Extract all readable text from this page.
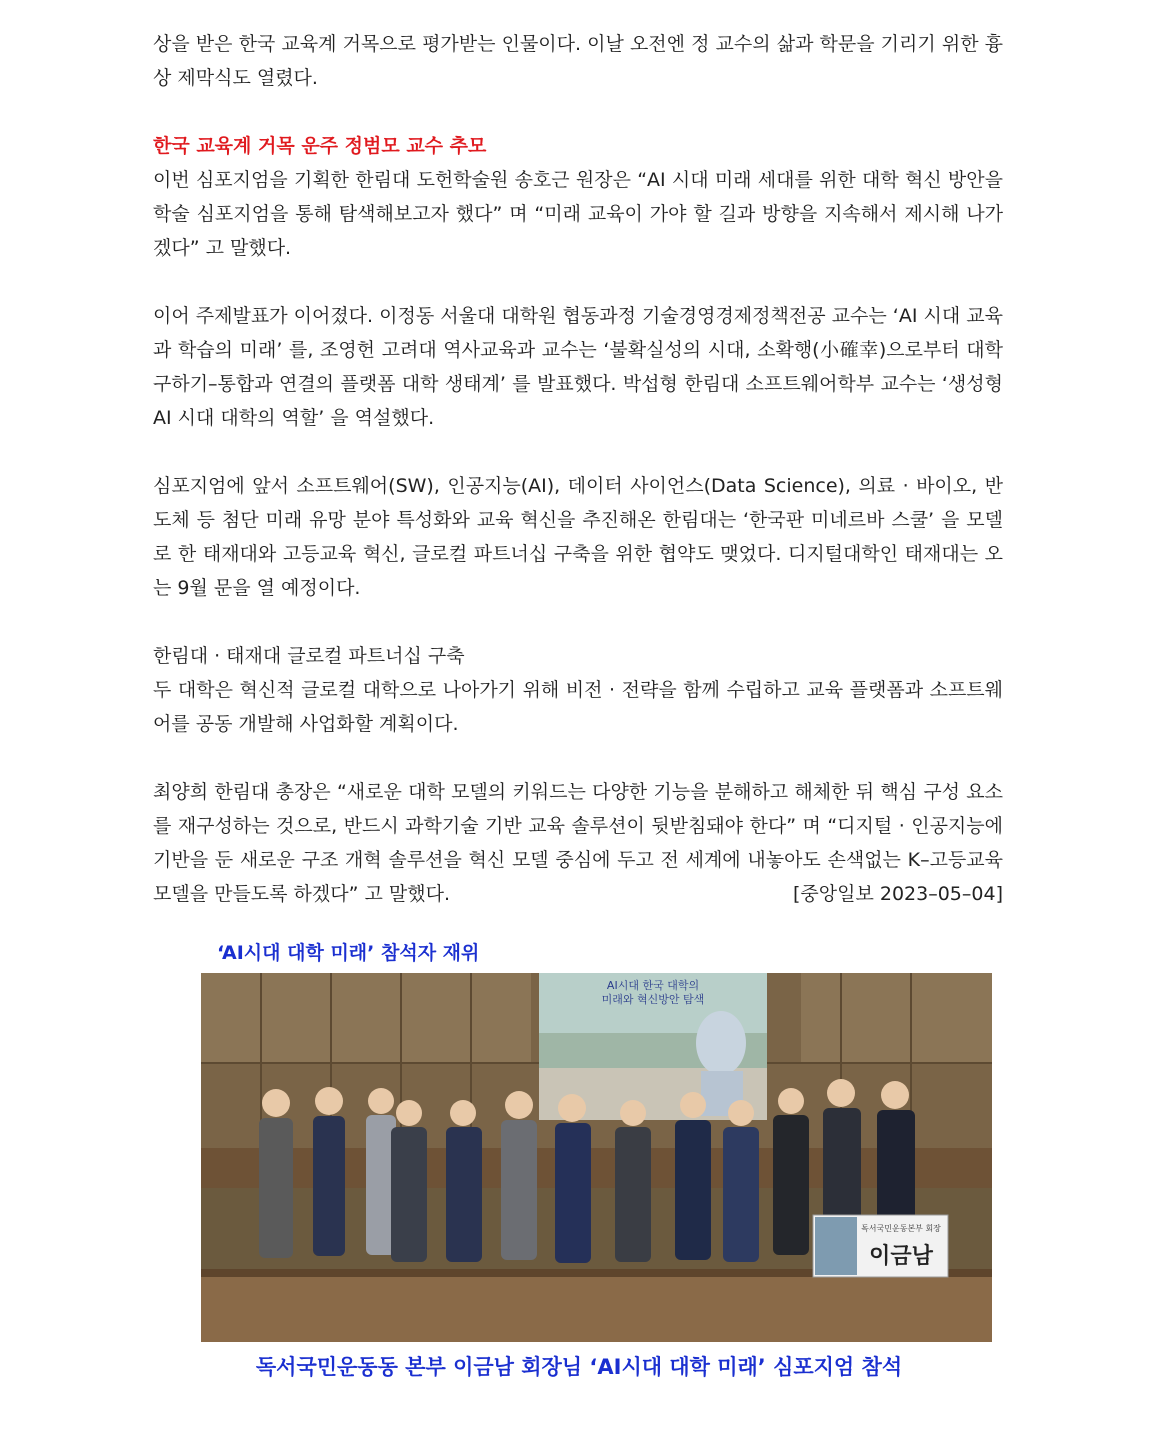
상을 받은 한국 교육계 거목으로 평가받는 인물이다. 이날 오전엔 정 교수의 삶과 학문을 기리기 위한 흉상 제막식도 열렸다.

한국 교육계 거목 운주 정범모 교수 추모

이번 심포지엄을 기획한 한림대 도헌학술원 송호근 원장은 “AI 시대 미래 세대를 위한 대학 혁신 방안을 학술 심포지엄을 통해 탐색해보고자 했다” 며 “미래 교육이 가야 할 길과 방향을 지속해서 제시해 나가겠다” 고 말했다.

이어 주제발표가 이어졌다. 이정동 서울대 대학원 협동과정 기술경영경제정책전공 교수는 ‘AI 시대 교육과 학습의 미래’ 를, 조영헌 고려대 역사교육과 교수는 ‘불확실성의 시대, 소확행(小確幸)으로부터 대학 구하기–통합과 연결의 플랫폼 대학 생태계’ 를 발표했다. 박섭형 한림대 소프트웨어학부 교수는 ‘생성형 AI 시대 대학의 역할’ 을 역설했다.

심포지엄에 앞서 소프트웨어(SW), 인공지능(AI), 데이터 사이언스(Data Science), 의료 · 바이오, 반도체 등 첨단 미래 유망 분야 특성화와 교육 혁신을 추진해온 한림대는 ‘한국판 미네르바 스쿨’ 을 모델로 한 태재대와 고등교육 혁신, 글로컬 파트너십 구축을 위한 협약도 맺었다. 디지털대학인 태재대는 오는 9월 문을 열 예정이다.

한림대 · 태재대 글로컬 파트너십 구축

두 대학은 혁신적 글로컬 대학으로 나아가기 위해 비전 · 전략을 함께 수립하고 교육 플랫폼과 소프트웨어를 공동 개발해 사업화할 계획이다.

최양희 한림대 총장은 “새로운 대학 모델의 키워드는 다양한 기능을 분해하고 해체한 뒤 핵심 구성 요소를 재구성하는 것으로, 반드시 과학기술 기반 교육 솔루션이 뒷받침돼야 한다” 며 “디지털 · 인공지능에 기반을 둔 새로운 구조 개혁 솔루션을 혁신 모델 중심에 두고 전 세계에 내놓아도 손색없는 K–고등교육 모델을 만들도록 하겠다” 고 말했다.	[중앙일보 2023–05–04]

‘AI시대 대학 미래’ 참석자 재위
AI시대 한국 대학의
미래와 혁신방안 탐색
독서국민운동본부 회장
이금남
독서국민운동동 본부 이금남 회장님 ‘AI시대 대학 미래’ 심포지엄 참석
